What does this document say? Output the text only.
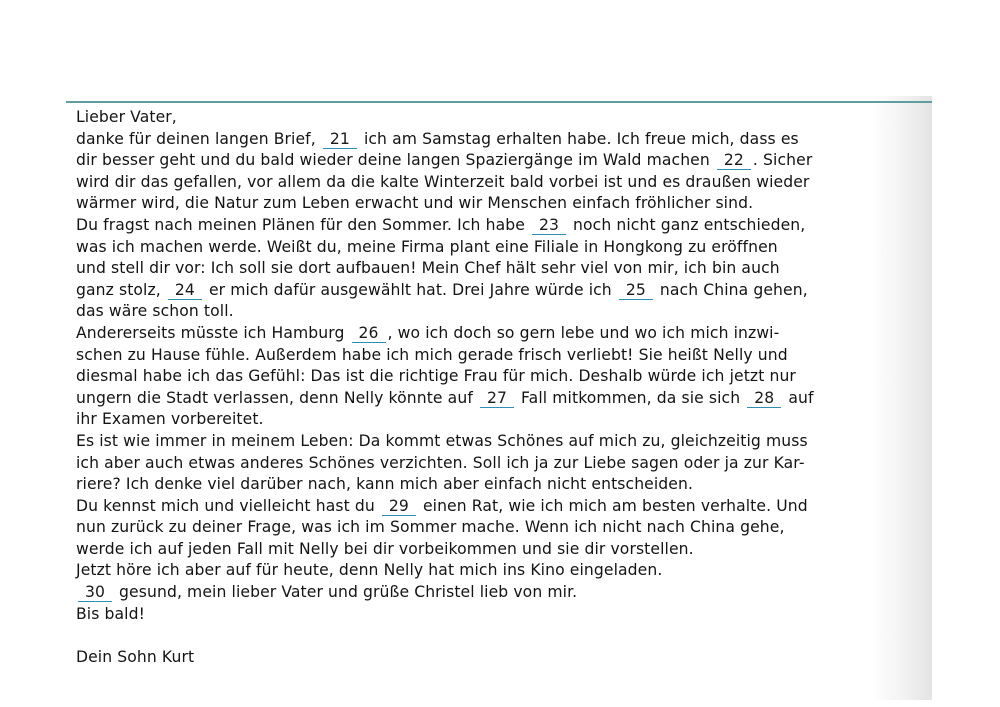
Lieber Vater,
danke für deinen langen Brief, 21 ich am Samstag erhalten habe. Ich freue mich, dass es
dir besser geht und du bald wieder deine langen Spaziergänge im Wald machen 22 . Sicher
wird dir das gefallen, vor allem da die kalte Winterzeit bald vorbei ist und es draußen wieder
wärmer wird, die Natur zum Leben erwacht und wir Menschen einfach fröhlicher sind.
Du fragst nach meinen Plänen für den Sommer. Ich habe 23 noch nicht ganz entschieden,
was ich machen werde. Weißt du, meine Firma plant eine Filiale in Hongkong zu eröffnen
und stell dir vor: Ich soll sie dort aufbauen! Mein Chef hält sehr viel von mir, ich bin auch
ganz stolz, 24 er mich dafür ausgewählt hat. Drei Jahre würde ich 25 nach China gehen,
das wäre schon toll.
Andererseits müsste ich Hamburg 26 , wo ich doch so gern lebe und wo ich mich inzwi-
schen zu Hause fühle. Außerdem habe ich mich gerade frisch verliebt! Sie heißt Nelly und
diesmal habe ich das Gefühl: Das ist die richtige Frau für mich. Deshalb würde ich jetzt nur
ungern die Stadt verlassen, denn Nelly könnte auf 27 Fall mitkommen, da sie sich 28 auf
ihr Examen vorbereitet.
Es ist wie immer in meinem Leben: Da kommt etwas Schönes auf mich zu, gleichzeitig muss
ich aber auch etwas anderes Schönes verzichten. Soll ich ja zur Liebe sagen oder ja zur Kar-
riere? Ich denke viel darüber nach, kann mich aber einfach nicht entscheiden.
Du kennst mich und vielleicht hast du 29 einen Rat, wie ich mich am besten verhalte. Und
nun zurück zu deiner Frage, was ich im Sommer mache. Wenn ich nicht nach China gehe,
werde ich auf jeden Fall mit Nelly bei dir vorbeikommen und sie dir vorstellen.
Jetzt höre ich aber auf für heute, denn Nelly hat mich ins Kino eingeladen.
30 gesund, mein lieber Vater und grüße Christel lieb von mir.
Bis bald!
Dein Sohn Kurt
